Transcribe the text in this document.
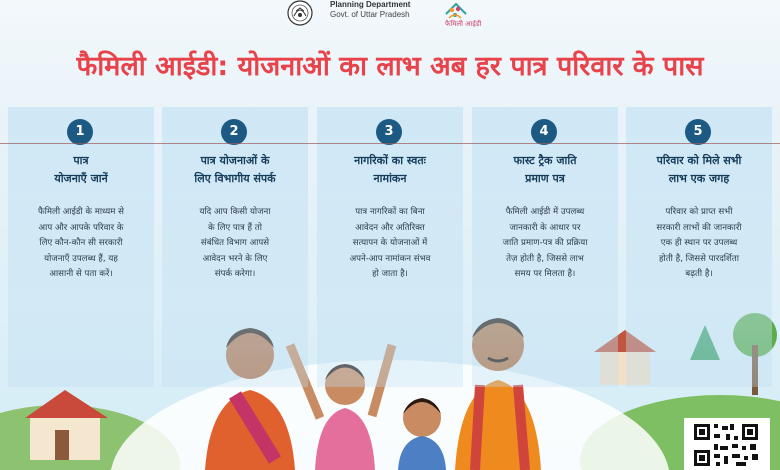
Planning Department
Govt. of Uttar Pradesh
फैमिली आईडी
फैमिली आईडी: योजनाओं का लाभ अब हर पात्र परिवार के पास
1
पात्र
योजनाएँ जानें
फैमिली आईडी के माध्यम से
आप और आपके परिवार के
लिए कौन-कौन सी सरकारी
योजनाएँ उपलब्ध हैं, यह
आसानी से पता करें।
2
पात्र योजनाओं के
लिए विभागीय संपर्क
यदि आप किसी योजना
के लिए पात्र हैं तो
संबंधित विभाग आपसे
आवेदन भरने के लिए
संपर्क करेगा।
3
नागरिकों का स्वतः
नामांकन
पात्र नागरिकों का बिना
आवेदन और अतिरिक्त
सत्यापन के योजनाओं में
अपने-आप नामांकन संभव
हो जाता है।
4
फास्ट ट्रैक जाति
प्रमाण पत्र
फैमिली आईडी में उपलब्ध
जानकारी के आधार पर
जाति प्रमाण-पत्र की प्रक्रिया
तेज़ होती है, जिससे लाभ
समय पर मिलता है।
5
परिवार को मिले सभी
लाभ एक जगह
परिवार को प्राप्त सभी
सरकारी लाभों की जानकारी
एक ही स्थान पर उपलब्ध
होती है, जिससे पारदर्शिता
बढ़ती है।
